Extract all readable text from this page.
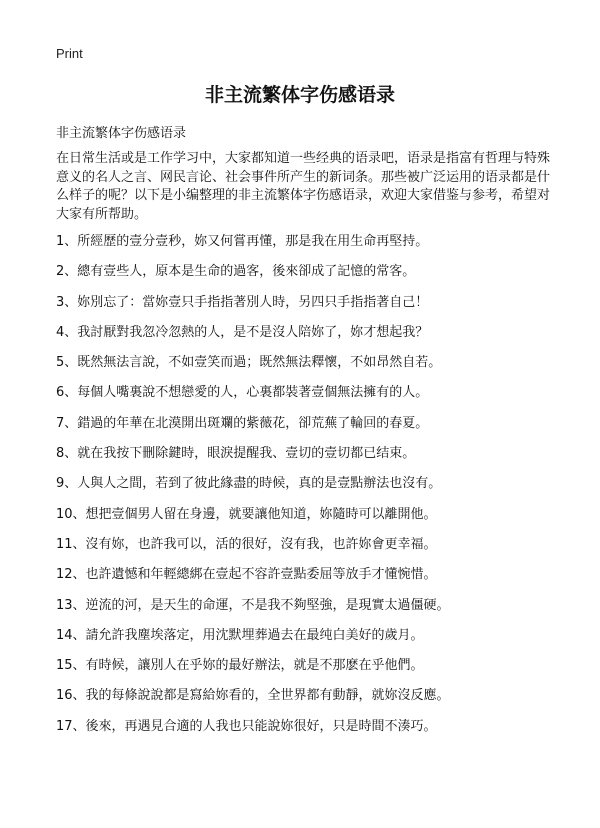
Print
非主流繁体字伤感语录

非主流繁体字伤感语录

在日常生活或是工作学习中，大家都知道一些经典的语录吧，语录是指富有哲理与特殊意义的名人之言、网民言论、社会事件所产生的新词条。那些被广泛运用的语录都是什么样子的呢？以下是小编整理的非主流繁体字伤感语录，欢迎大家借鉴与参考，希望对大家有所帮助。

1、所經歷的壹分壹秒，妳又何嘗再懂，那是我在用生命再堅持。
2、總有壹些人，原本是生命的過客，後來卻成了記憶的常客。
3、妳別忘了：當妳壹只手指指著別人時，另四只手指指著自己！
4、我討厭對我忽冷忽熱的人，是不是沒人陪妳了，妳才想起我？
5、既然無法言說，不如壹笑而過；既然無法釋懷，不如昂然自若。
6、每個人嘴裏說不想戀愛的人，心裏都裝著壹個無法擁有的人。
7、錯過的年華在北漠開出斑斕的紫薇花，卻荒蕪了輪回的春夏。
8、就在我按下刪除鍵時，眼淚提醒我、壹切的壹切都已结束。
9、人與人之間，若到了彼此緣盡的時候，真的是壹點辦法也沒有。
10、想把壹個男人留在身邊，就要讓他知道，妳隨時可以離開他。
11、沒有妳，也許我可以，活的很好，沒有我，也許妳會更幸福。
12、也許遺憾和年輕總綁在壹起不容許壹點委屈等放手才懂惋惜。
13、逆流的河，是天生的命運，不是我不夠堅強，是現實太過僵硬。
14、請允許我塵埃落定，用沈默埋葬過去在最纯白美好的歲月。
15、有時候，讓別人在乎妳的最好辦法，就是不那麽在乎他們。
16、我的每條說說都是寫給妳看的，全世界都有動靜，就妳沒反應。
17、後來，再遇見合適的人我也只能說妳很好，只是時間不湊巧。
